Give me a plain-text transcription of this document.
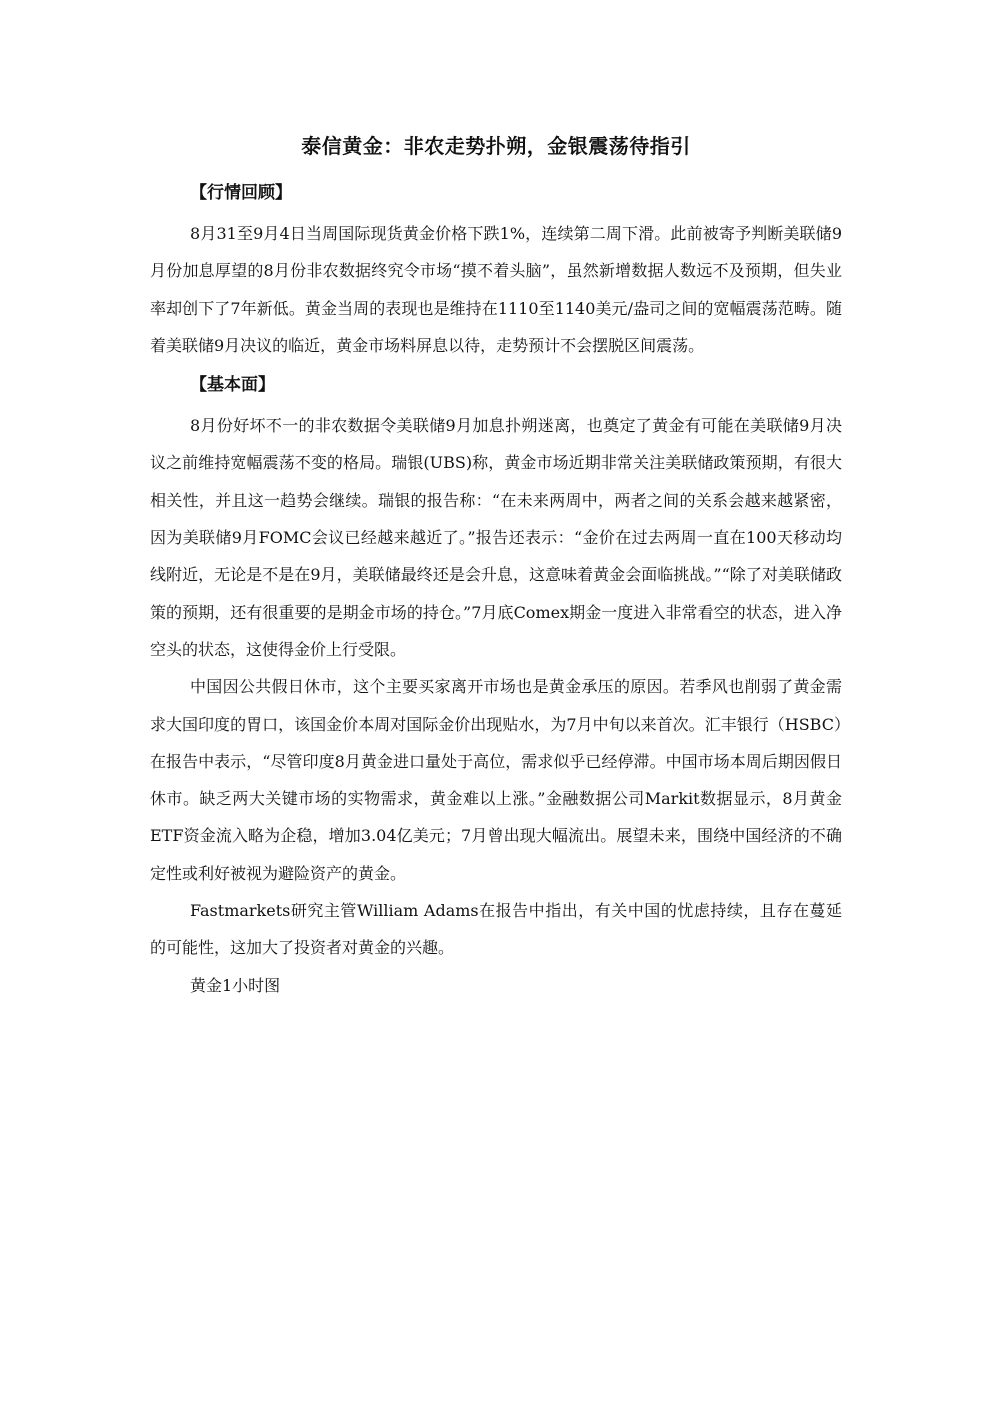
泰信黄金：非农走势扑朔，金银震荡待指引
【行情回顾】

8月31至9月4日当周国际现货黄金价格下跌1%，连续第二周下滑。此前被寄予判断美联储9月份加息厚望的8月份非农数据终究令市场“摸不着头脑”，虽然新增数据人数远不及预期，但失业率却创下了7年新低。黄金当周的表现也是维持在1110至1140美元/盎司之间的宽幅震荡范畴。随着美联储9月决议的临近，黄金市场料屏息以待，走势预计不会摆脱区间震荡。

【基本面】

8月份好坏不一的非农数据令美联储9月加息扑朔迷离，也奠定了黄金有可能在美联储9月决议之前维持宽幅震荡不变的格局。瑞银(UBS)称，黄金市场近期非常关注美联储政策预期，有很大相关性，并且这一趋势会继续。瑞银的报告称：“在未来两周中，两者之间的关系会越来越紧密，因为美联储9月FOMC会议已经越来越近了。”报告还表示：“金价在过去两周一直在100天移动均线附近，无论是不是在9月，美联储最终还是会升息，这意味着黄金会面临挑战。”“除了对美联储政策的预期，还有很重要的是期金市场的持仓。”7月底Comex期金一度进入非常看空的状态，进入净空头的状态，这使得金价上行受限。

中国因公共假日休市，这个主要买家离开市场也是黄金承压的原因。若季风也削弱了黄金需求大国印度的胃口，该国金价本周对国际金价出现贴水，为7月中旬以来首次。汇丰银行（HSBC）在报告中表示，“尽管印度8月黄金进口量处于高位，需求似乎已经停滞。中国市场本周后期因假日休市。缺乏两大关键市场的实物需求，黄金难以上涨。”金融数据公司Markit数据显示，8月黄金ETF资金流入略为企稳，增加3.04亿美元；7月曾出现大幅流出。展望未来，围绕中国经济的不确定性或利好被视为避险资产的黄金。

Fastmarkets研究主管William Adams在报告中指出，有关中国的忧虑持续，且存在蔓延的可能性，这加大了投资者对黄金的兴趣。

黄金1小时图
